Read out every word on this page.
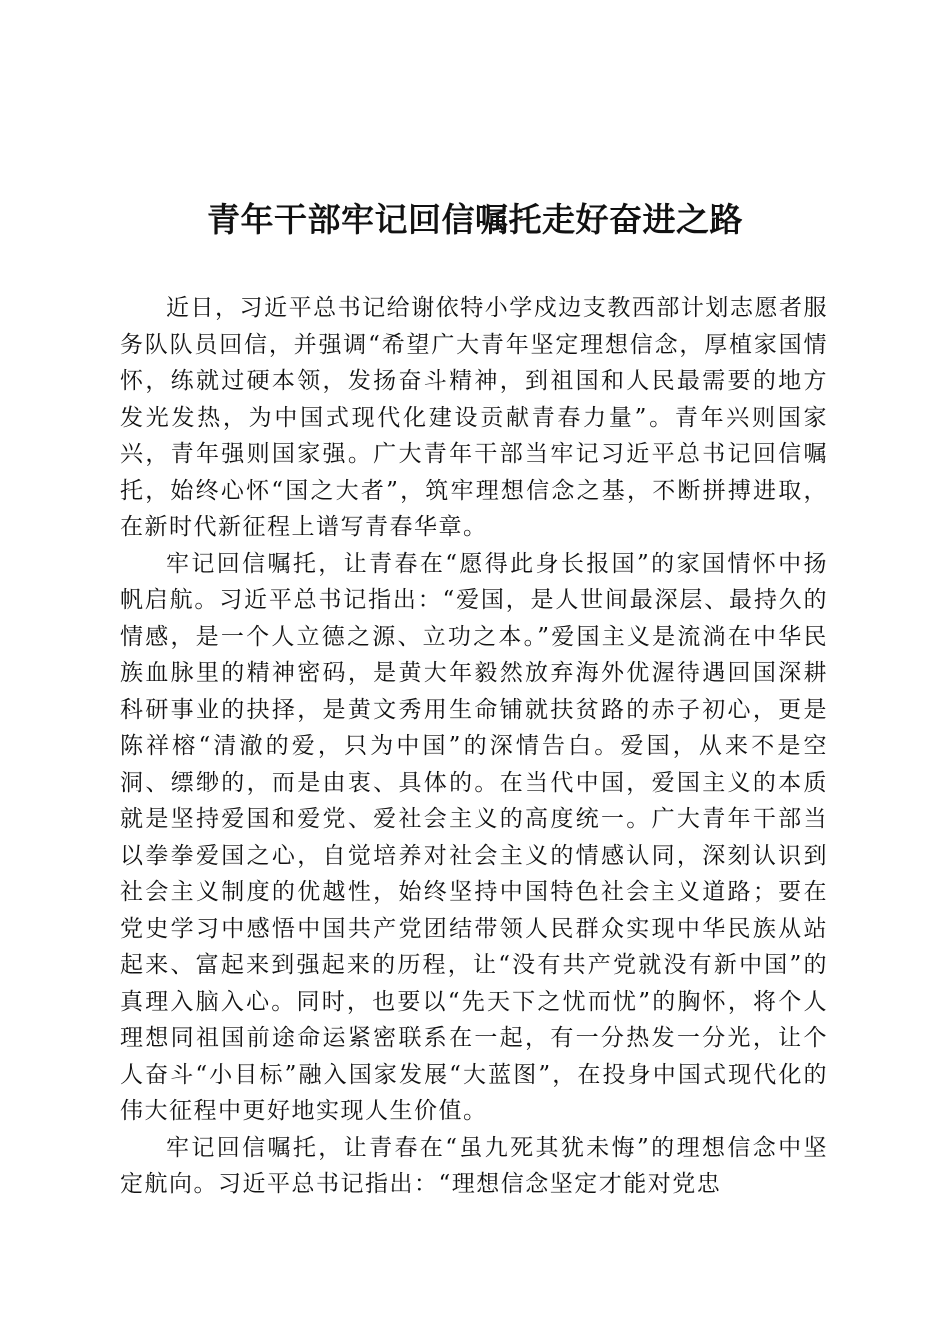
青年干部牢记回信嘱托走好奋进之路

近日，习近平总书记给谢依特小学戍边支教西部计划志愿者服务队队员回信，并强调“希望广大青年坚定理想信念，厚植家国情怀，练就过硬本领，发扬奋斗精神，到祖国和人民最需要的地方发光发热，为中国式现代化建设贡献青春力量”。青年兴则国家兴，青年强则国家强。广大青年干部当牢记习近平总书记回信嘱托，始终心怀“国之大者”，筑牢理想信念之基，不断拼搏进取，在新时代新征程上谱写青春华章。

牢记回信嘱托，让青春在“愿得此身长报国”的家国情怀中扬帆启航。习近平总书记指出：“爱国，是人世间最深层、最持久的情感，是一个人立德之源、立功之本。”爱国主义是流淌在中华民族血脉里的精神密码，是黄大年毅然放弃海外优渥待遇回国深耕科研事业的抉择，是黄文秀用生命铺就扶贫路的赤子初心，更是陈祥榕“清澈的爱，只为中国”的深情告白。爱国，从来不是空洞、缥缈的，而是由衷、具体的。在当代中国，爱国主义的本质就是坚持爱国和爱党、爱社会主义的高度统一。广大青年干部当以拳拳爱国之心，自觉培养对社会主义的情感认同，深刻认识到社会主义制度的优越性，始终坚持中国特色社会主义道路；要在党史学习中感悟中国共产党团结带领人民群众实现中华民族从站起来、富起来到强起来的历程，让“没有共产党就没有新中国”的真理入脑入心。同时，也要以“先天下之忧而忧”的胸怀，将个人理想同祖国前途命运紧密联系在一起，有一分热发一分光，让个人奋斗“小目标”融入国家发展“大蓝图”，在投身中国式现代化的伟大征程中更好地实现人生价值。

牢记回信嘱托，让青春在“虽九死其犹未悔”的理想信念中坚定航向。习近平总书记指出：“理想信念坚定才能对党忠
